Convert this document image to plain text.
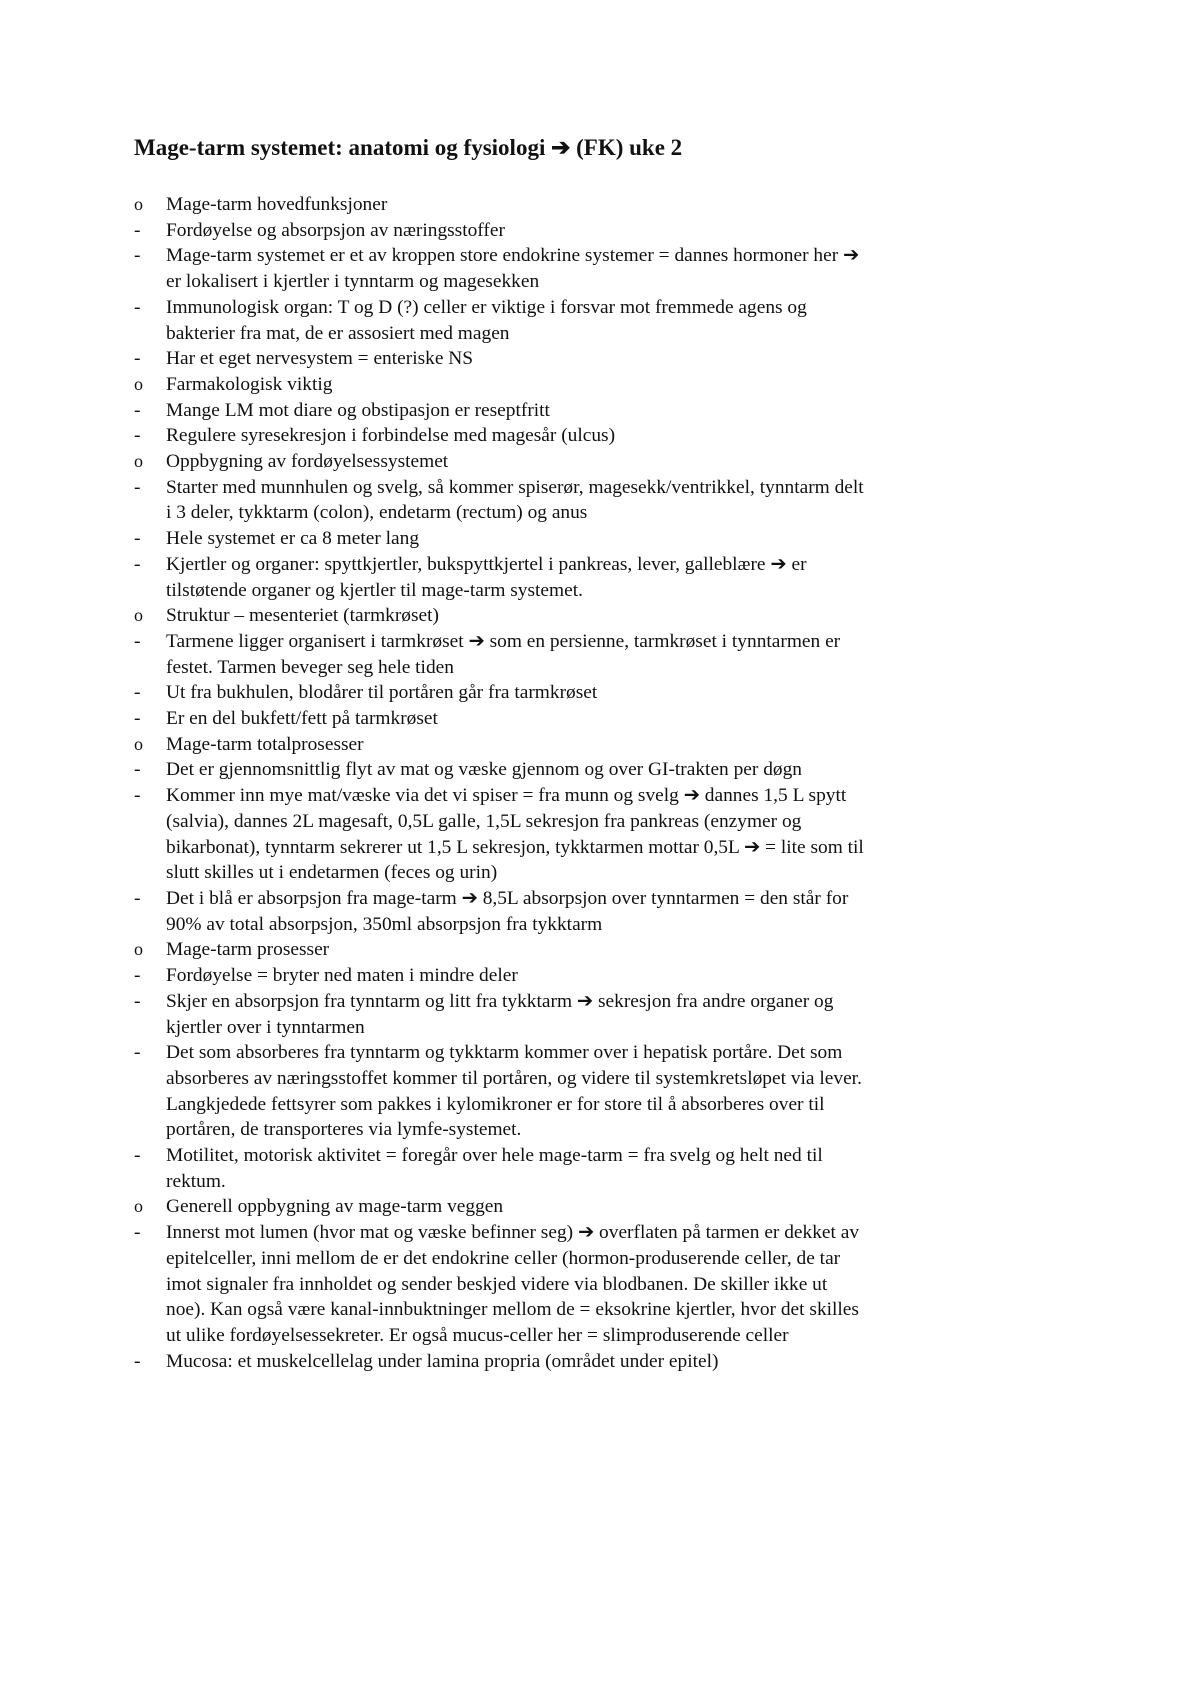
Mage-tarm systemet: anatomi og fysiologi ➔ (FK) uke 2
o	Mage-tarm hovedfunksjoner
-	Fordøyelse og absorpsjon av næringsstoffer
-	Mage-tarm systemet er et av kroppen store endokrine systemer = dannes hormoner her ➔
er lokalisert i kjertler i tynntarm og magesekken
-	Immunologisk organ: T og D (?) celler er viktige i forsvar mot fremmede agens og
bakterier fra mat, de er assosiert med magen
-	Har et eget nervesystem = enteriske NS
o	Farmakologisk viktig
-	Mange LM mot diare og obstipasjon er reseptfritt
-	Regulere syresekresjon i forbindelse med magesår (ulcus)
o	Oppbygning av fordøyelsessystemet
-	Starter med munnhulen og svelg, så kommer spiserør, magesekk/ventrikkel, tynntarm delt
i 3 deler, tykktarm (colon), endetarm (rectum) og anus
-	Hele systemet er ca 8 meter lang
-	Kjertler og organer: spyttkjertler, bukspyttkjertel i pankreas, lever, galleblære ➔ er
tilstøtende organer og kjertler til mage-tarm systemet.
o	Struktur – mesenteriet (tarmkrøset)
-	Tarmene ligger organisert i tarmkrøset ➔ som en persienne, tarmkrøset i tynntarmen er
festet. Tarmen beveger seg hele tiden
-	Ut fra bukhulen, blodårer til portåren går fra tarmkrøset
-	Er en del bukfett/fett på tarmkrøset
o	Mage-tarm totalprosesser
-	Det er gjennomsnittlig flyt av mat og væske gjennom og over GI-trakten per døgn
-	Kommer inn mye mat/væske via det vi spiser = fra munn og svelg ➔ dannes 1,5 L spytt
(salvia), dannes 2L magesaft, 0,5L galle, 1,5L sekresjon fra pankreas (enzymer og
bikarbonat), tynntarm sekrerer ut 1,5 L sekresjon, tykktarmen mottar 0,5L ➔ = lite som til
slutt skilles ut i endetarmen (feces og urin)
-	Det i blå er absorpsjon fra mage-tarm ➔ 8,5L absorpsjon over tynntarmen = den står for
90% av total absorpsjon, 350ml absorpsjon fra tykktarm
o	Mage-tarm prosesser
-	Fordøyelse = bryter ned maten i mindre deler
-	Skjer en absorpsjon fra tynntarm og litt fra tykktarm ➔ sekresjon fra andre organer og
kjertler over i tynntarmen
-	Det som absorberes fra tynntarm og tykktarm kommer over i hepatisk portåre. Det som
absorberes av næringsstoffet kommer til portåren, og videre til systemkretsløpet via lever.
Langkjedede fettsyrer som pakkes i kylomikroner er for store til å absorberes over til
portåren, de transporteres via lymfe-systemet.
-	Motilitet, motorisk aktivitet = foregår over hele mage-tarm = fra svelg og helt ned til
rektum.
o	Generell oppbygning av mage-tarm veggen
-	Innerst mot lumen (hvor mat og væske befinner seg) ➔ overflaten på tarmen er dekket av
epitelceller, inni mellom de er det endokrine celler (hormon-produserende celler, de tar
imot signaler fra innholdet og sender beskjed videre via blodbanen. De skiller ikke ut
noe). Kan også være kanal-innbuktninger mellom de = eksokrine kjertler, hvor det skilles
ut ulike fordøyelsessekreter. Er også mucus-celler her = slimproduserende celler
-	Mucosa: et muskelcellelag under lamina propria (området under epitel)
